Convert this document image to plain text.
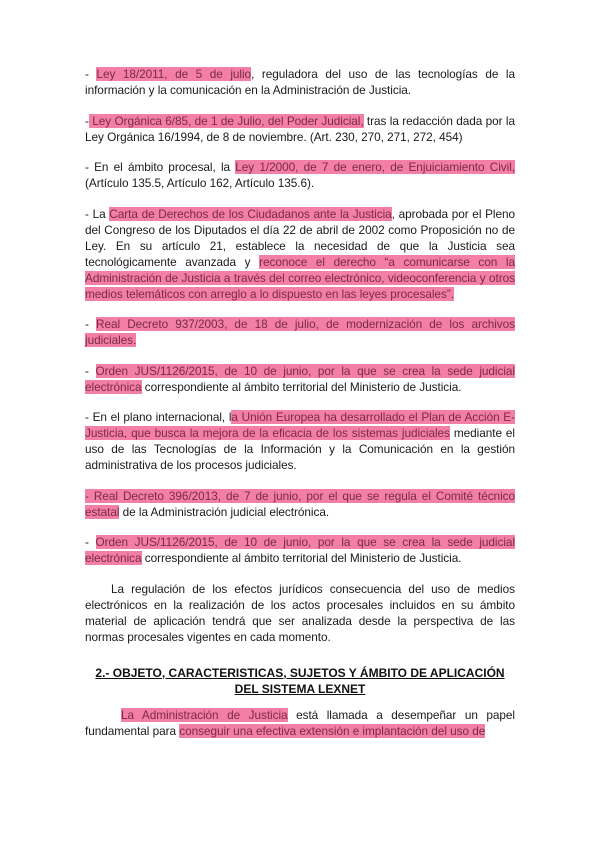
- Ley 18/2011, de 5 de julio, reguladora del uso de las tecnologías de la información y la comunicación en la Administración de Justicia.

- Ley Orgánica 6/85, de 1 de Julio, del Poder Judicial, tras la redacción dada por la Ley Orgánica 16/1994, de 8 de noviembre. (Art. 230, 270, 271, 272, 454)

- En el ámbito procesal, la Ley 1/2000, de 7 de enero, de Enjuiciamiento Civil, (Artículo 135.5, Artículo 162, Artículo 135.6).

- La Carta de Derechos de los Ciudadanos ante la Justicia, aprobada por el Pleno del Congreso de los Diputados el día 22 de abril de 2002 como Proposición no de Ley. En su artículo 21, establece la necesidad de que la Justicia sea tecnológicamente avanzada y reconoce el derecho “a comunicarse con la Administración de Justicia a través del correo electrónico, videoconferencia y otros medios telemáticos con arreglo a lo dispuesto en las leyes procesales”.

- Real Decreto 937/2003, de 18 de julio, de modernización de los archivos judiciales.

- Orden JUS/1126/2015, de 10 de junio, por la que se crea la sede judicial electrónica correspondiente al ámbito territorial del Ministerio de Justicia.

- En el plano internacional, la Unión Europea ha desarrollado el Plan de Acción E-Justicia, que busca la mejora de la eficacia de los sistemas judiciales mediante el uso de las Tecnologías de la Información y la Comunicación en la gestión administrativa de los procesos judiciales.

- Real Decreto 396/2013, de 7 de junio, por el que se regula el Comité técnico estatal de la Administración judicial electrónica.

- Orden JUS/1126/2015, de 10 de junio, por la que se crea la sede judicial electrónica correspondiente al ámbito territorial del Ministerio de Justicia.

La regulación de los efectos jurídicos consecuencia del uso de medios electrónicos en la realización de los actos procesales incluidos en su ámbito material de aplicación tendrá que ser analizada desde la perspectiva de las normas procesales vigentes en cada momento.

2.- OBJETO, CARACTERISTICAS, SUJETOS Y ÁMBITO DE APLICACIÓN
DEL SISTEMA LEXNET

La Administración de Justicia está llamada a desempeñar un papel fundamental para conseguir una efectiva extensión e implantación del uso de
